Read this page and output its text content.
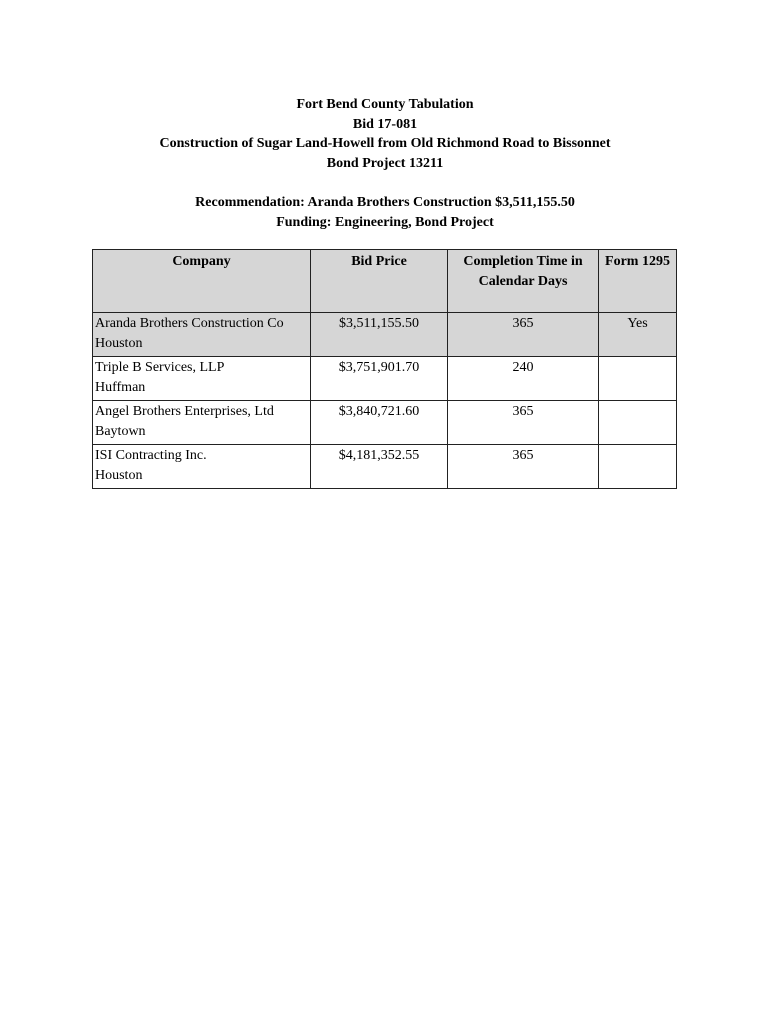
Fort Bend County Tabulation
Bid 17-081
Construction of Sugar Land-Howell from Old Richmond Road to Bissonnet
Bond Project 13211
Recommendation: Aranda Brothers Construction $3,511,155.50
Funding: Engineering, Bond Project
Company	Bid Price	Completion Time in Calendar Days	Form 1295

Aranda Brothers Construction Co
Houston	$3,511,155.50	365	Yes

Triple B Services, LLP
Huffman	$3,751,901.70	240	

Angel Brothers Enterprises, Ltd
Baytown	$3,840,721.60	365	

ISI Contracting Inc.
Houston	$4,181,352.55	365	
